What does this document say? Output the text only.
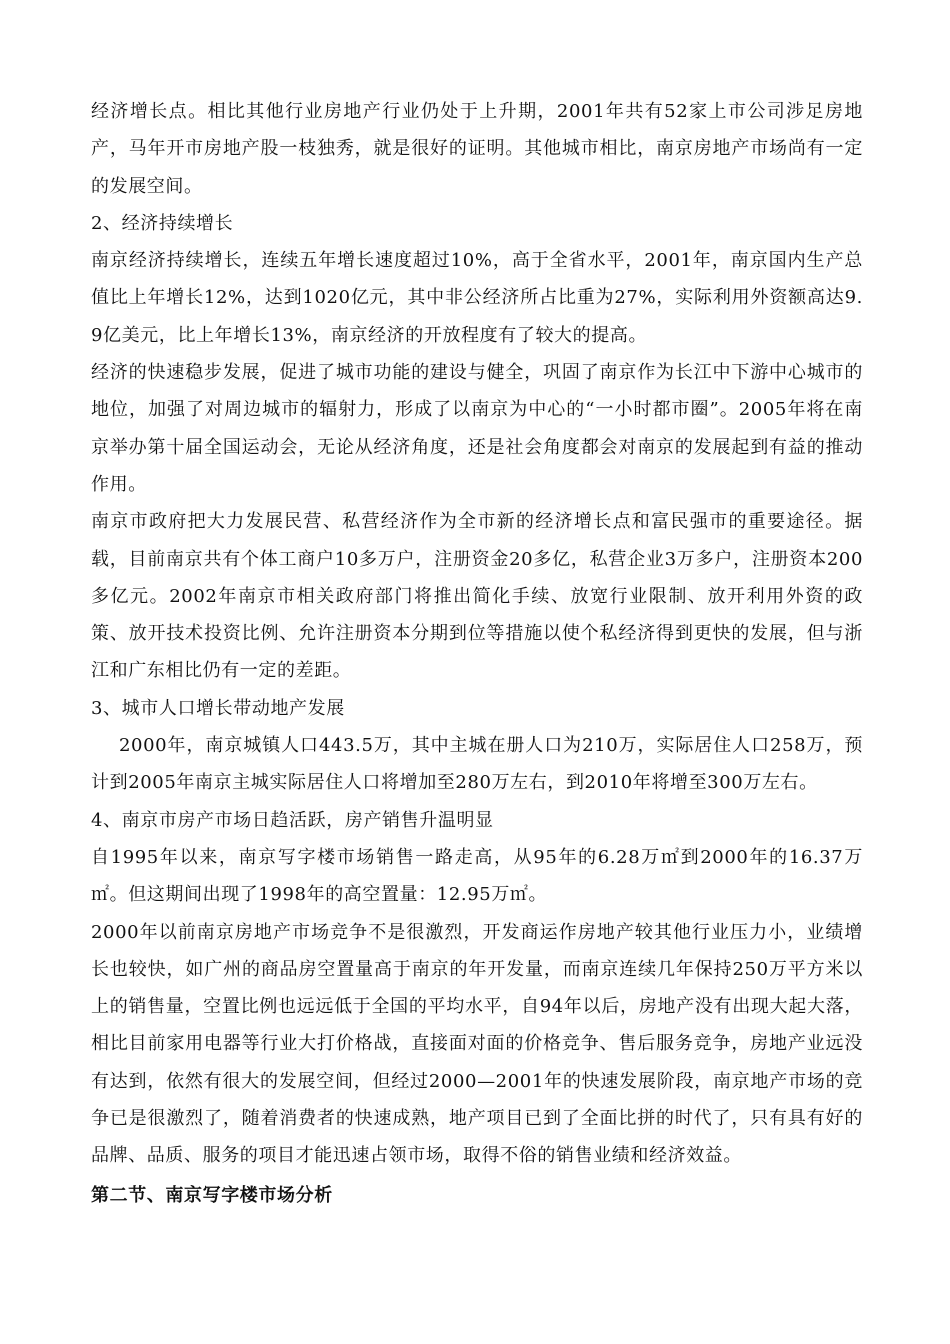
经济增长点。相比其他行业房地产行业仍处于上升期，2001年共有52家上市公司涉足房地产，马年开市房地产股一枝独秀，就是很好的证明。其他城市相比，南京房地产市场尚有一定的发展空间。

2、经济持续增长

南京经济持续增长，连续五年增长速度超过10%，高于全省水平，2001年，南京国内生产总值比上年增长12%，达到1020亿元，其中非公经济所占比重为27%，实际利用外资额高达9.9亿美元，比上年增长13%，南京经济的开放程度有了较大的提高。

经济的快速稳步发展，促进了城市功能的建设与健全，巩固了南京作为长江中下游中心城市的地位，加强了对周边城市的辐射力，形成了以南京为中心的“一小时都市圈”。2005年将在南京举办第十届全国运动会，无论从经济角度，还是社会角度都会对南京的发展起到有益的推动作用。

南京市政府把大力发展民营、私营经济作为全市新的经济增长点和富民强市的重要途径。据载，目前南京共有个体工商户10多万户，注册资金20多亿，私营企业3万多户，注册资本200多亿元。2002年南京市相关政府部门将推出简化手续、放宽行业限制、放开利用外资的政策、放开技术投资比例、允许注册资本分期到位等措施以使个私经济得到更快的发展，但与浙江和广东相比仍有一定的差距。

3、城市人口增长带动地产发展

2000年，南京城镇人口443.5万，其中主城在册人口为210万，实际居住人口258万，预计到2005年南京主城实际居住人口将增加至280万左右，到2010年将增至300万左右。

4、南京市房产市场日趋活跃，房产销售升温明显

自1995年以来，南京写字楼市场销售一路走高，从95年的6.28万㎡到2000年的16.37万㎡。但这期间出现了1998年的高空置量：12.95万㎡。

2000年以前南京房地产市场竞争不是很激烈，开发商运作房地产较其他行业压力小，业绩增长也较快，如广州的商品房空置量高于南京的年开发量，而南京连续几年保持250万平方米以上的销售量，空置比例也远远低于全国的平均水平，自94年以后，房地产没有出现大起大落，相比目前家用电器等行业大打价格战，直接面对面的价格竞争、售后服务竞争，房地产业远没有达到，依然有很大的发展空间，但经过2000—2001年的快速发展阶段，南京地产市场的竞争已是很激烈了，随着消费者的快速成熟，地产项目已到了全面比拼的时代了，只有具有好的品牌、品质、服务的项目才能迅速占领市场，取得不俗的销售业绩和经济效益。

第二节、南京写字楼市场分析
